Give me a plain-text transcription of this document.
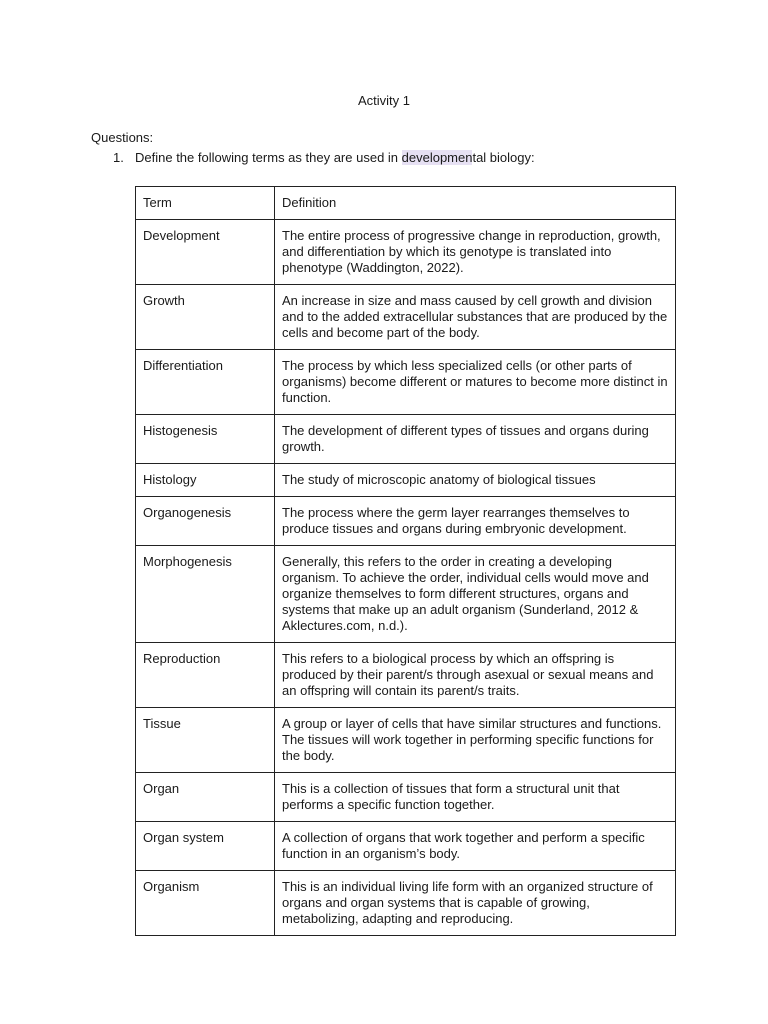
Activity 1
Questions:
1. Define the following terms as they are used in developmental biology:
Term	Definition
Development	The entire process of progressive change in reproduction, growth, and differentiation by which its genotype is translated into phenotype (Waddington, 2022).
Growth	An increase in size and mass caused by cell growth and division and to the added extracellular substances that are produced by the cells and become part of the body.
Differentiation	The process by which less specialized cells (or other parts of organisms) become different or matures to become more distinct in function.
Histogenesis	The development of different types of tissues and organs during growth.
Histology	The study of microscopic anatomy of biological tissues
Organogenesis	The process where the germ layer rearranges themselves to produce tissues and organs during embryonic development.
Morphogenesis	Generally, this refers to the order in creating a developing organism. To achieve the order, individual cells would move and organize themselves to form different structures, organs and systems that make up an adult organism (Sunderland, 2012 & Aklectures.com, n.d.).
Reproduction	This refers to a biological process by which an offspring is produced by their parent/s through asexual or sexual means and an offspring will contain its parent/s traits.
Tissue	A group or layer of cells that have similar structures and functions. The tissues will work together in performing specific functions for the body.
Organ	This is a collection of tissues that form a structural unit that performs a specific function together.
Organ system	A collection of organs that work together and perform a specific function in an organism’s body.
Organism	This is an individual living life form with an organized structure of organs and organ systems that is capable of growing, metabolizing, adapting and reproducing.
